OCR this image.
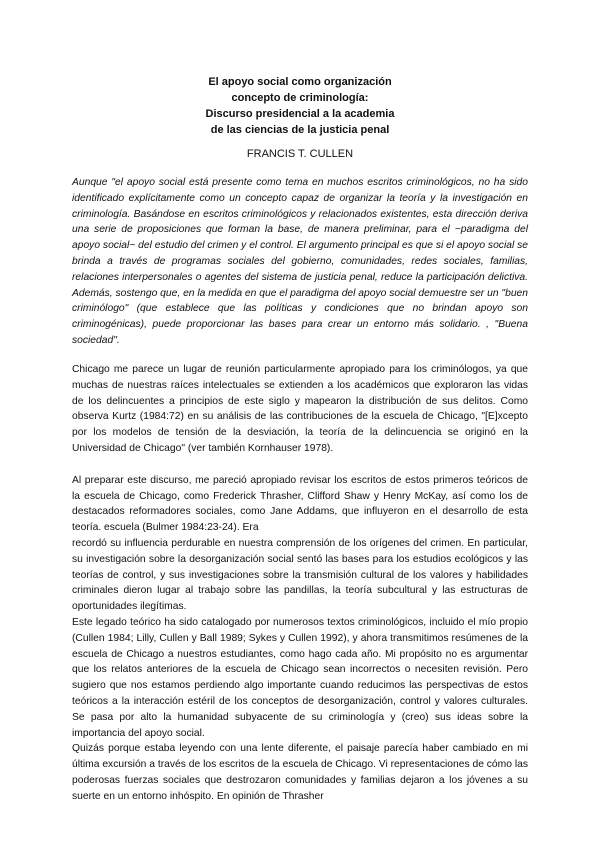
El apoyo social como organización
concepto de criminología:
Discurso presidencial a la academia
de las ciencias de la justicia penal
FRANCIS T. CULLEN

Aunque "el apoyo social está presente como tema en muchos escritos criminológicos, no ha sido identificado explícitamente como un concepto capaz de organizar la teoría y la investigación en criminología. Basándose en escritos criminológicos y relacionados existentes, esta dirección deriva una serie de proposiciones que forman la base, de manera preliminar, para el ~paradigma del apoyo social~ del estudio del crimen y el control. El argumento principal es que si el apoyo social se brinda a través de programas sociales del gobierno, comunidades, redes sociales, familias, relaciones interpersonales o agentes del sistema de justicia penal, reduce la participación delictiva. Además, sostengo que, en la medida en que el paradigma del apoyo social demuestre ser un "buen criminólogo" (que establece que las políticas y condiciones que no brindan apoyo son criminogénicas), puede proporcionar las bases para crear un entorno más solidario. , "Buena sociedad".

Chicago me parece un lugar de reunión particularmente apropiado para los criminólogos, ya que muchas de nuestras raíces intelectuales se extienden a los académicos que exploraron las vidas de los delincuentes a principios de este siglo y mapearon la distribución de sus delitos. Como observa Kurtz (1984:72) en su análisis de las contribuciones de la escuela de Chicago, "[E]xcepto por los modelos de tensión de la desviación, la teoría de la delincuencia se originó en la Universidad de Chicago" (ver también Kornhauser 1978).

Al preparar este discurso, me pareció apropiado revisar los escritos de estos primeros teóricos de la escuela de Chicago, como Frederick Thrasher, Clifford Shaw y Henry McKay, así como los de destacados reformadores sociales, como Jane Addams, que influyeron en el desarrollo de esta teoría. escuela (Bulmer 1984:23-24). Era

recordó su influencia perdurable en nuestra comprensión de los orígenes del crimen. En particular, su investigación sobre la desorganización social sentó las bases para los estudios ecológicos y las teorías de control, y sus investigaciones sobre la transmisión cultural de los valores y habilidades criminales dieron lugar al trabajo sobre las pandillas, la teoría subcultural y las estructuras de oportunidades ilegítimas.

Este legado teórico ha sido catalogado por numerosos textos criminológicos, incluido el mío propio (Cullen 1984; Lilly, Cullen y Ball 1989; Sykes y Cullen 1992), y ahora transmitimos resúmenes de la escuela de Chicago a nuestros estudiantes, como hago cada año. Mi propósito no es argumentar que los relatos anteriores de la escuela de Chicago sean incorrectos o necesiten revisión. Pero sugiero que nos estamos perdiendo algo importante cuando reducimos las perspectivas de estos teóricos a la interacción estéril de los conceptos de desorganización, control y valores culturales. Se pasa por alto la humanidad subyacente de su criminología y (creo) sus ideas sobre la importancia del apoyo social.

Quizás porque estaba leyendo con una lente diferente, el paisaje parecía haber cambiado en mi última excursión a través de los escritos de la escuela de Chicago. Vi representaciones de cómo las poderosas fuerzas sociales que destrozaron comunidades y familias dejaron a los jóvenes a su suerte en un entorno inhóspito. En opinión de Thrasher
